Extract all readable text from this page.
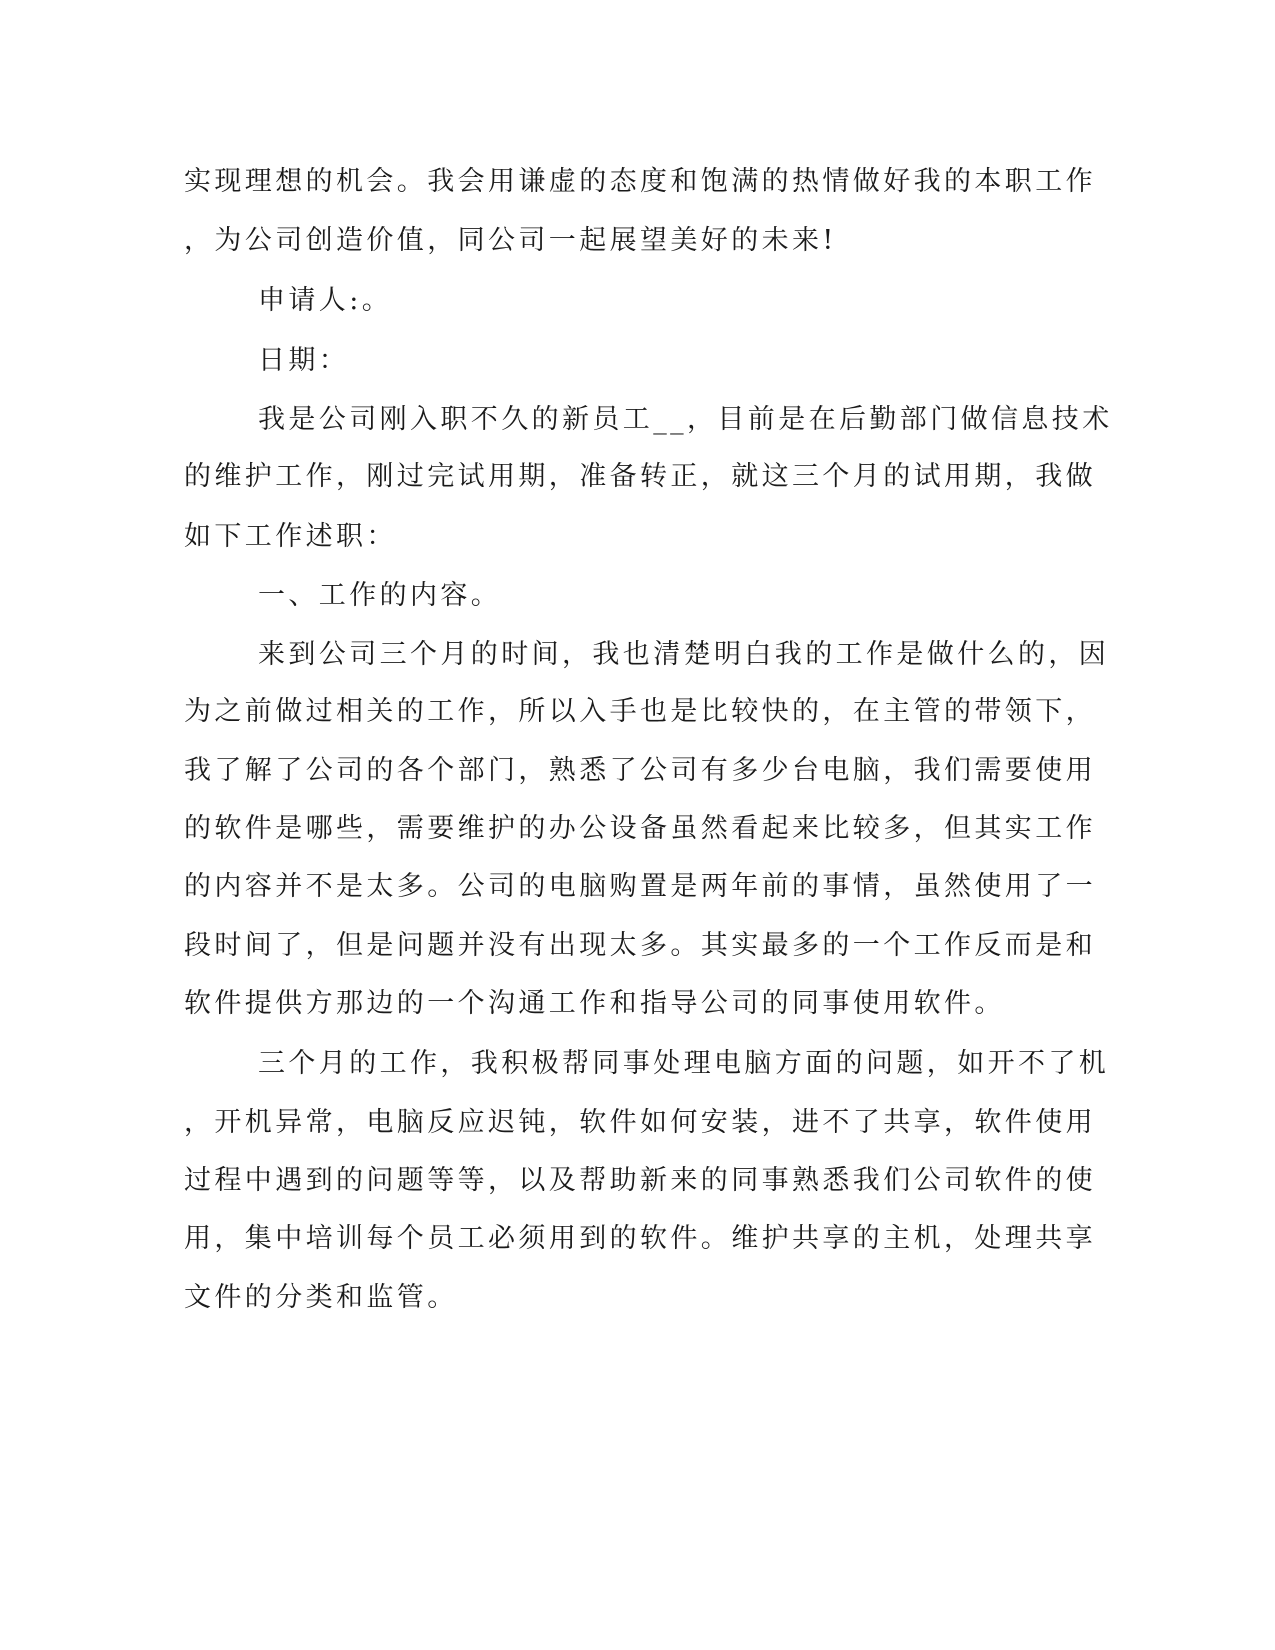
实现理想的机会。我会用谦虚的态度和饱满的热情做好我的本职工作
，为公司创造价值，同公司一起展望美好的未来!
申请人:。
日期：
我是公司刚入职不久的新员工__，目前是在后勤部门做信息技术
的维护工作，刚过完试用期，准备转正，就这三个月的试用期，我做
如下工作述职：
一、工作的内容。
来到公司三个月的时间，我也清楚明白我的工作是做什么的，因
为之前做过相关的工作，所以入手也是比较快的，在主管的带领下，
我了解了公司的各个部门，熟悉了公司有多少台电脑，我们需要使用
的软件是哪些，需要维护的办公设备虽然看起来比较多，但其实工作
的内容并不是太多。公司的电脑购置是两年前的事情，虽然使用了一
段时间了，但是问题并没有出现太多。其实最多的一个工作反而是和
软件提供方那边的一个沟通工作和指导公司的同事使用软件。
三个月的工作，我积极帮同事处理电脑方面的问题，如开不了机
，开机异常，电脑反应迟钝，软件如何安装，进不了共享，软件使用
过程中遇到的问题等等，以及帮助新来的同事熟悉我们公司软件的使
用，集中培训每个员工必须用到的软件。维护共享的主机，处理共享
文件的分类和监管。
